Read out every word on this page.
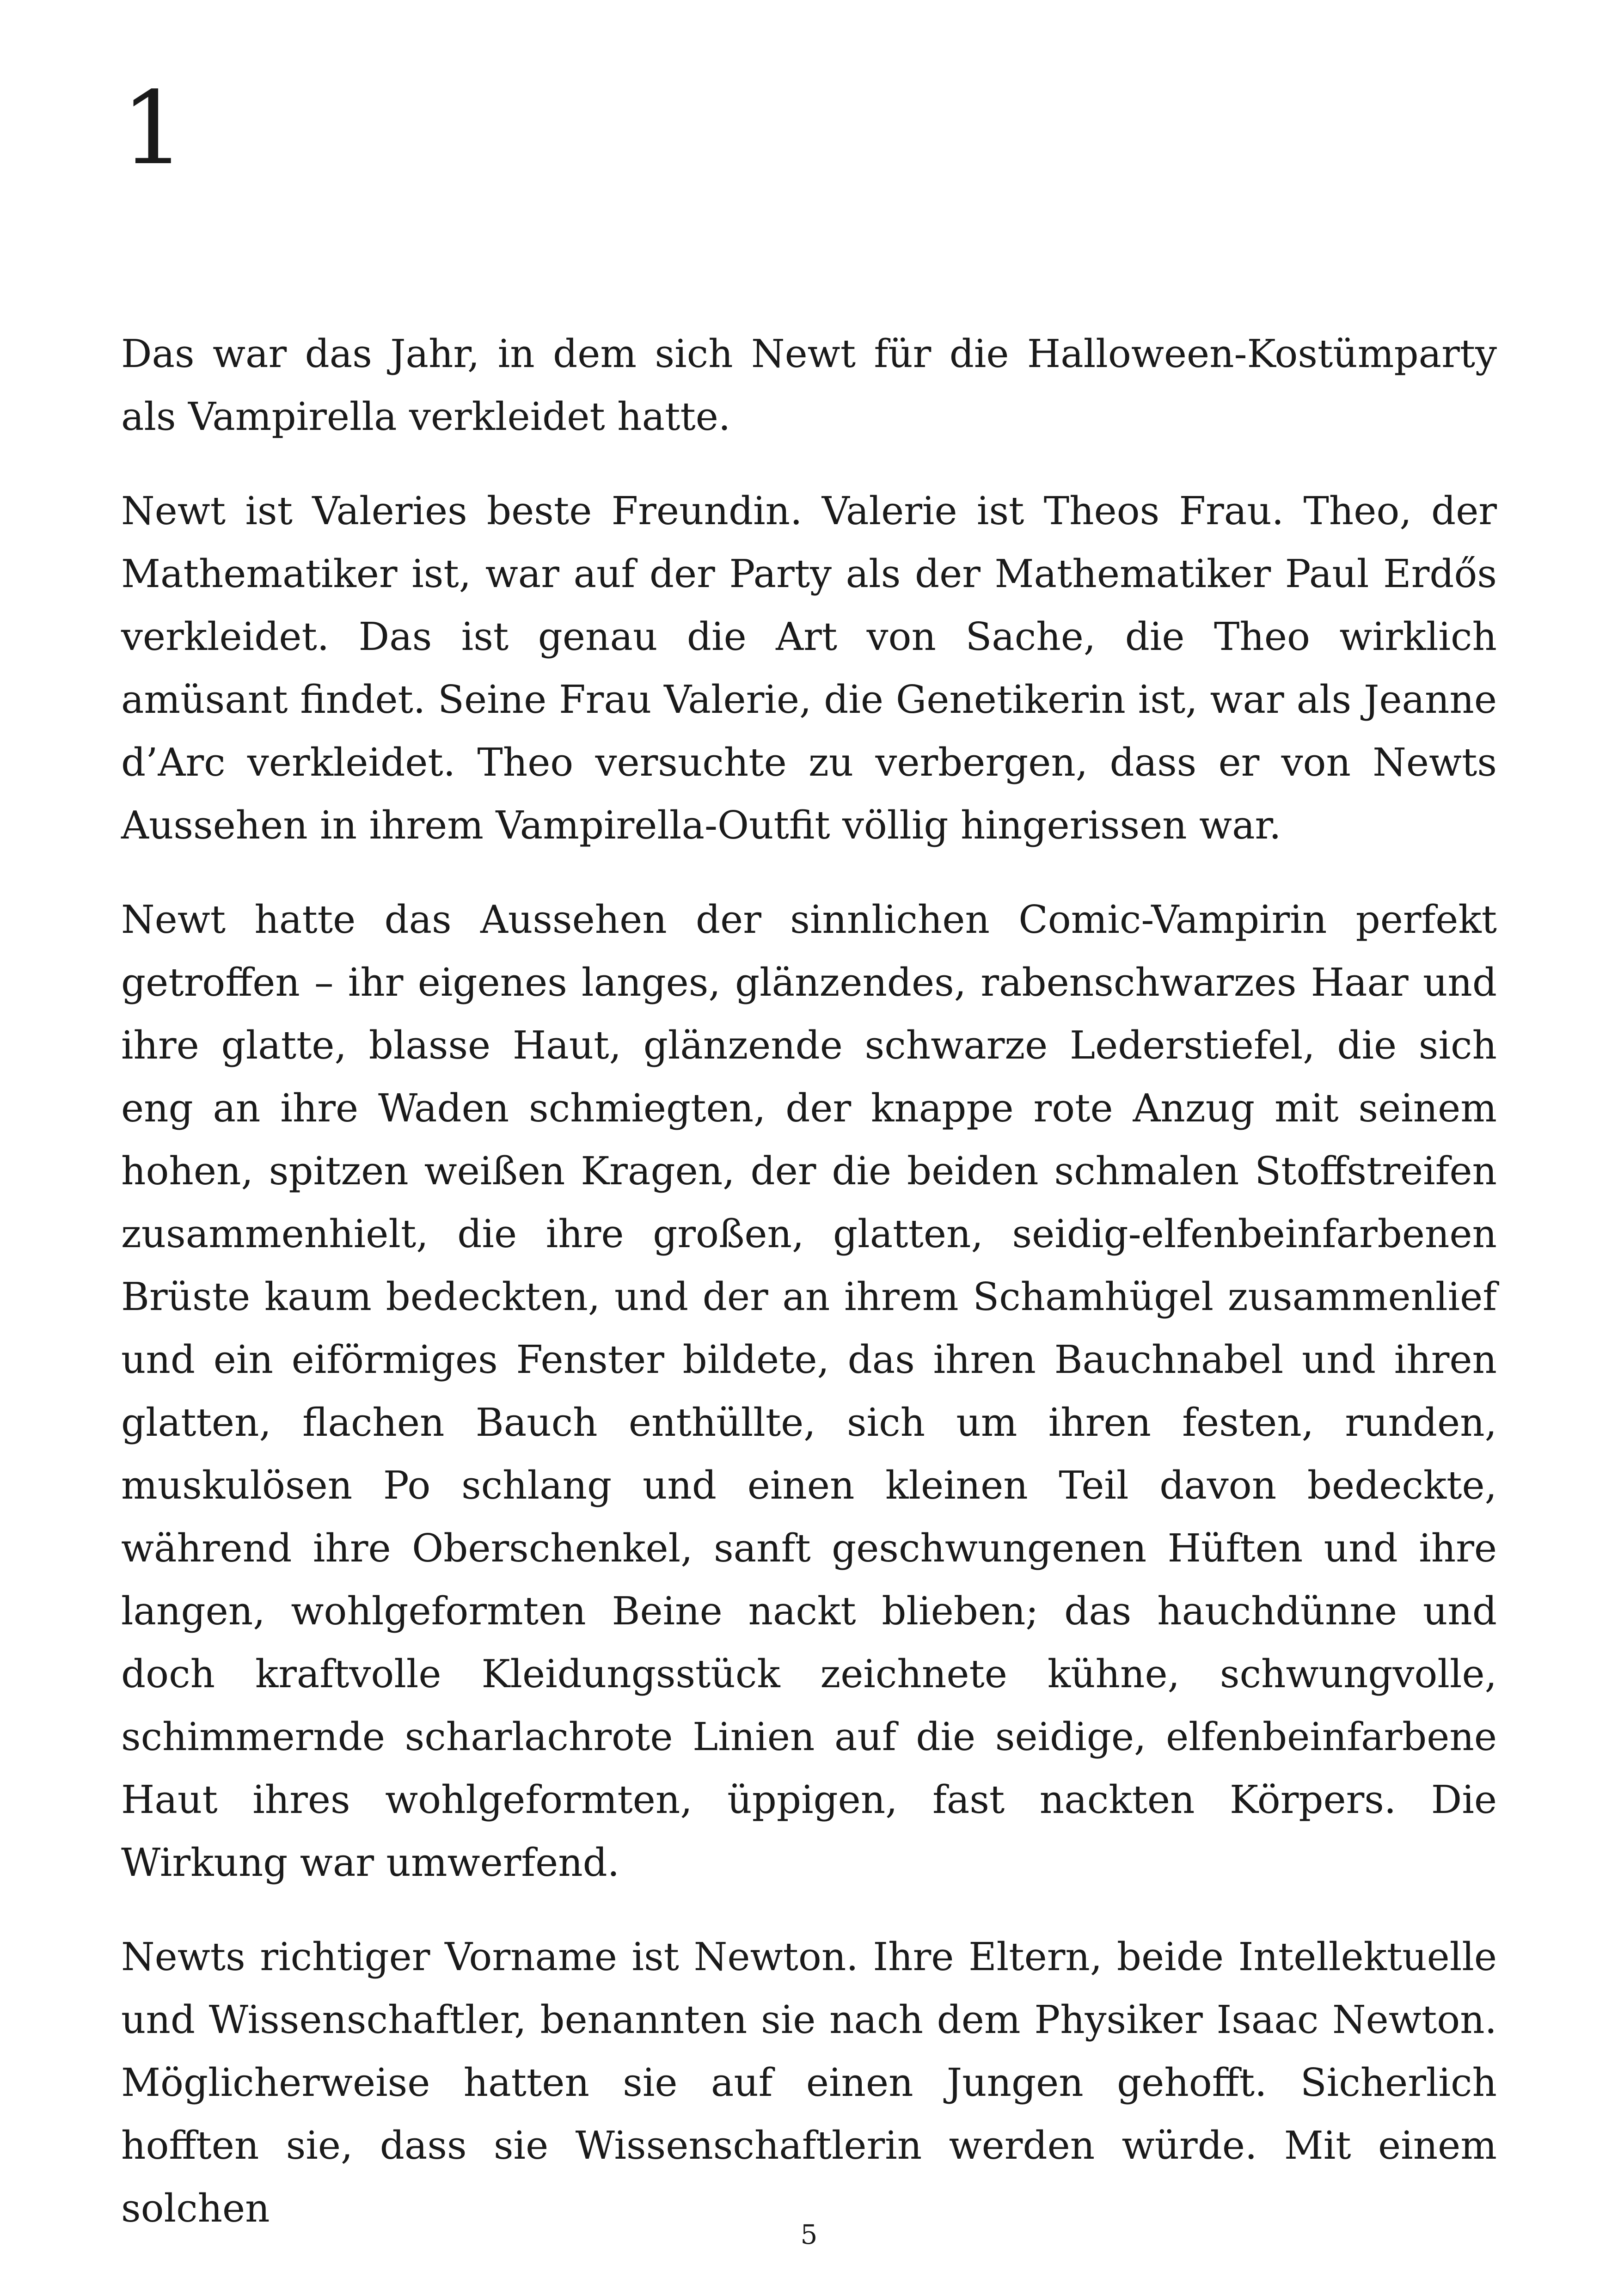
1

Das war das Jahr, in dem sich Newt für die Halloween-Kostümparty als Vampirella verkleidet hatte.

Newt ist Valeries beste Freundin. Valerie ist Theos Frau. Theo, der Mathematiker ist, war auf der Party als der Mathematiker Paul Erdős verkleidet. Das ist genau die Art von Sache, die Theo wirklich amüsant findet. Seine Frau Valerie, die Genetikerin ist, war als Jeanne d’Arc verkleidet. Theo versuchte zu verbergen, dass er von Newts Aussehen in ihrem Vampirella-Outfit völlig hingerissen war.

Newt hatte das Aussehen der sinnlichen Comic-Vampirin perfekt getroffen – ihr eigenes langes, glänzendes, rabenschwarzes Haar und ihre glatte, blasse Haut, glänzende schwarze Lederstiefel, die sich eng an ihre Waden schmiegten, der knappe rote Anzug mit seinem hohen, spitzen weißen Kragen, der die beiden schmalen Stoffstreifen zusammenhielt, die ihre großen, glatten, seidig-elfenbeinfarbenen Brüste kaum bedeckten, und der an ihrem Schamhügel zusammenlief und ein eiförmiges Fenster bildete, das ihren Bauchnabel und ihren glatten, flachen Bauch enthüllte, sich um ihren festen, runden, muskulösen Po schlang und einen kleinen Teil davon bedeckte, während ihre Oberschenkel, sanft geschwungenen Hüften und ihre langen, wohlgeformten Beine nackt blieben; das hauchdünne und doch kraftvolle Kleidungsstück zeichnete kühne, schwungvolle, schimmernde scharlachrote Linien auf die seidige, elfenbeinfarbene Haut ihres wohlgeformten, üppigen, fast nackten Körpers. Die Wirkung war umwerfend.

Newts richtiger Vorname ist Newton. Ihre Eltern, beide Intellektuelle und Wissenschaftler, benannten sie nach dem Physiker Isaac Newton. Möglicherweise hatten sie auf einen Jungen gehofft. Sicherlich hofften sie, dass sie Wissenschaftlerin werden würde. Mit einem solchen

5
